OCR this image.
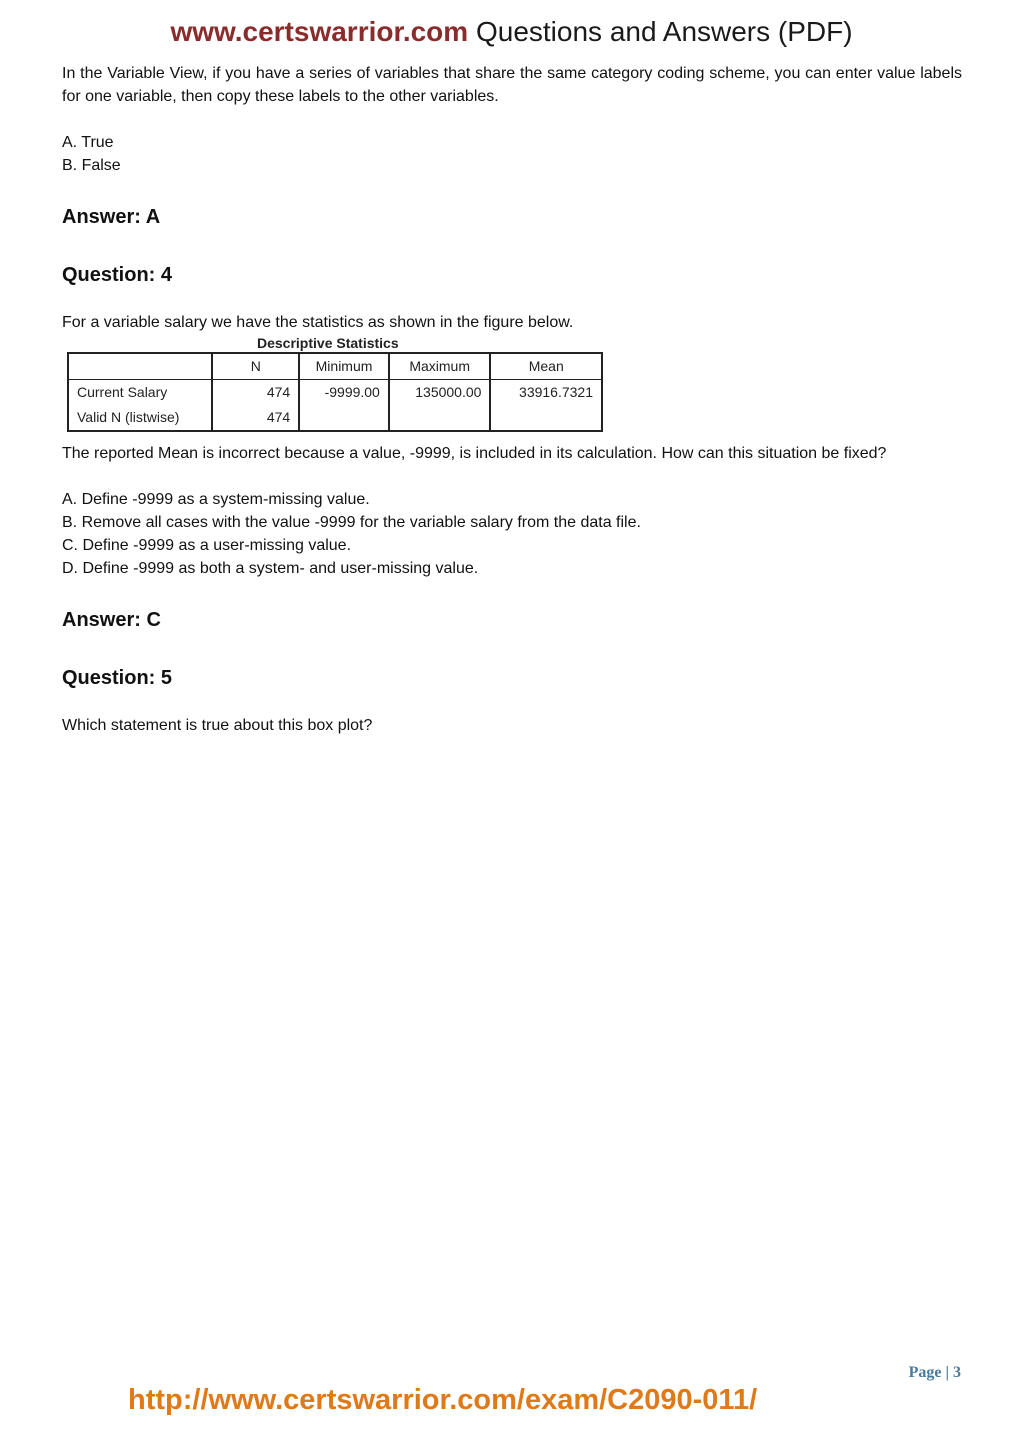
www.certswarrior.com Questions and Answers (PDF)

In the Variable View, if you have a series of variables that share the same category coding scheme, you can enter value labels for one variable, then copy these labels to the other variables.

A. True

B. False

Answer: A
Question: 4

For a variable salary we have the statistics as shown in the figure below.

Descriptive Statistics
	N	Minimum	Maximum	Mean
Current Salary	474	-9999.00	135000.00	33916.7321
Valid N (listwise)	474			

The reported Mean is incorrect because a value, -9999, is included in its calculation. How can this situation be fixed?

A. Define -9999 as a system-missing value.

B. Remove all cases with the value -9999 for the variable salary from the data file.

C. Define -9999 as a user-missing value.

D. Define -9999 as both a system- and user-missing value.

Answer: C
Question: 5

Which statement is true about this box plot?

Page | 3
http://www.certswarrior.com/exam/C2090-011/
